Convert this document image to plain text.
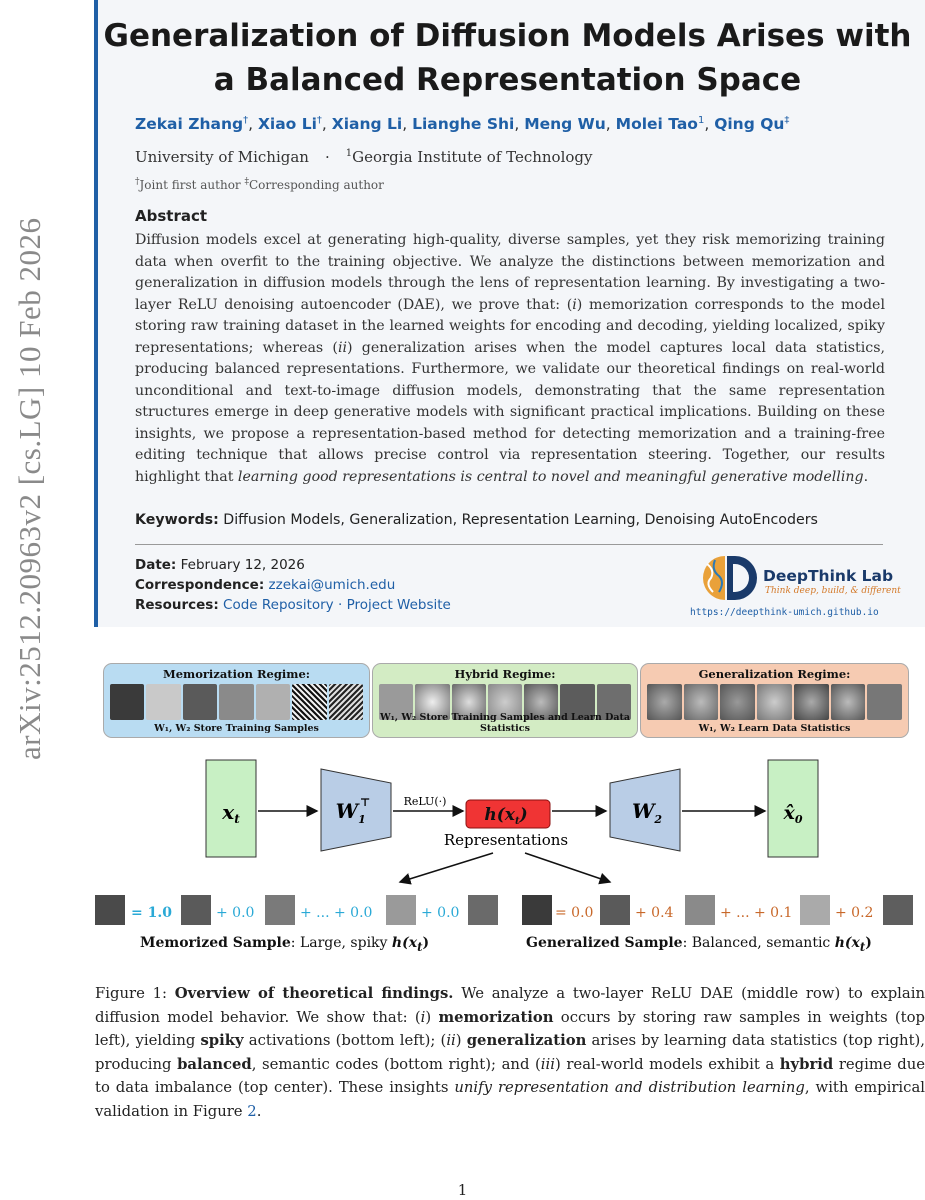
arXiv:2512.20963v2 [cs.LG] 10 Feb 2026
Generalization of Diffusion Models Arises with
a Balanced Representation Space
Zekai Zhang†, Xiao Li†, Xiang Li, Lianghe Shi, Meng Wu, Molei Tao$^1$, Qing Qu‡
University of Michigan · $^1$Georgia Institute of Technology
†Joint first author ‡Corresponding author
Abstract

Diffusion models excel at generating high-quality, diverse samples, yet they risk memorizing training data when overfit to the training objective. We analyze the distinctions between memorization and generalization in diffusion models through the lens of representation learning. By investigating a two-layer ReLU denoising autoencoder (DAE), we prove that: (i) memorization corresponds to the model storing raw training dataset in the learned weights for encoding and decoding, yielding localized, spiky representations; whereas (ii) generalization arises when the model captures local data statistics, producing balanced representations. Furthermore, we validate our theoretical findings on real-world unconditional and text-to-image diffusion models, demonstrating that the same representation structures emerge in deep generative models with significant practical implications. Building on these insights, we propose a representation-based method for detecting memorization and a training-free editing technique that allows precise control via representation steering. Together, our results highlight that learning good representations is central to novel and meaningful generative modelling.

Keywords: Diffusion Models, Generalization, Representation Learning, Denoising AutoEncoders
Date: February 12, 2026
Correspondence: zzekai@umich.edu
Resources: Code Repository · Project Website
DeepThink Lab
Think deep, build, & different
https://deepthink-umich.github.io
Memorization Regime:
W₁, W₂ Store Training Samples
Hybrid Regime:
W₁, W₂ Store Training Samples and Learn Data Statistics
Generalization Regime:
W₁, W₂ Learn Data Statistics
$x_t$	$W_1⊤$	ReLU(·)
$h(x_t)$
Representations
$W_2$	$x̂_0$
= 1.0	+ 0.0	+ ... + 0.0	+ 0.0	= 0.0	+ 0.4	+ ... + 0.1	+ 0.2
Memorized Sample: Large, spiky $h(x_t)$	Generalized Sample: Balanced, semantic $h(x_t)$

Figure 1: Overview of theoretical findings. We analyze a two-layer ReLU DAE (middle row) to explain diffusion model behavior. We show that: (i) memorization occurs by storing raw samples in weights (top left), yielding spiky activations (bottom left); (ii) generalization arises by learning data statistics (top right), producing balanced, semantic codes (bottom right); and (iii) real-world models exhibit a hybrid regime due to data imbalance (top center). These insights unify representation and distribution learning, with empirical validation in Figure 2.

1
